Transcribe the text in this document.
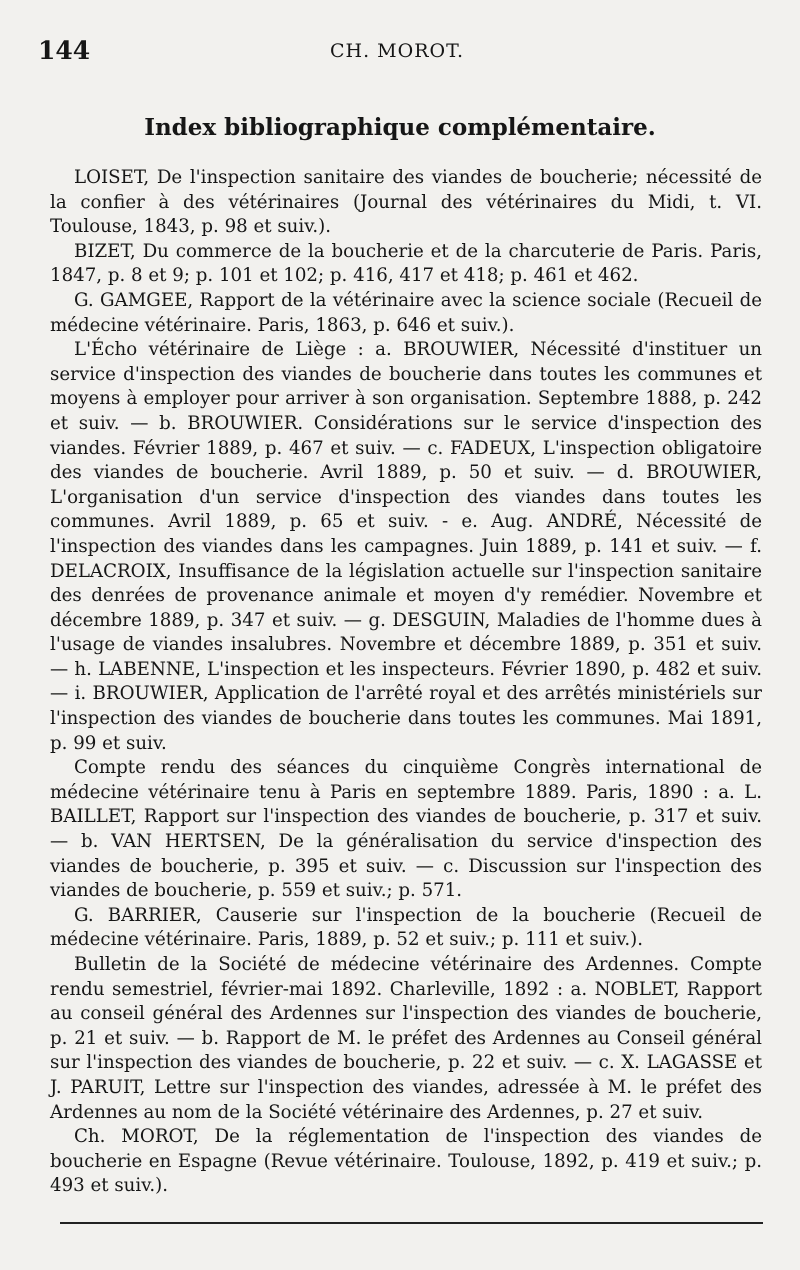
144	CH. MOROT.
Index bibliographique complémentaire.

LOISET, De l'inspection sanitaire des viandes de boucherie; nécessité de la confier à des vétérinaires (Journal des vétérinaires du Midi, t. VI. Toulouse, 1843, p. 98 et suiv.).

BIZET, Du commerce de la boucherie et de la charcuterie de Paris. Paris, 1847, p. 8 et 9; p. 101 et 102; p. 416, 417 et 418; p. 461 et 462.

G. GAMGEE, Rapport de la vétérinaire avec la science sociale (Recueil de médecine vétérinaire. Paris, 1863, p. 646 et suiv.).

L'Écho vétérinaire de Liège : a. BROUWIER, Nécessité d'instituer un service d'inspection des viandes de boucherie dans toutes les communes et moyens à employer pour arriver à son organisation. Septembre 1888, p. 242 et suiv. — b. BROUWIER. Considérations sur le service d'inspection des viandes. Février 1889, p. 467 et suiv. — c. FADEUX, L'inspection obligatoire des viandes de boucherie. Avril 1889, p. 50 et suiv. — d. BROUWIER, L'organisation d'un service d'inspection des viandes dans toutes les communes. Avril 1889, p. 65 et suiv. - e. Aug. ANDRÉ, Nécessité de l'inspection des viandes dans les campagnes. Juin 1889, p. 141 et suiv. — f. DELACROIX, Insuffisance de la législation actuelle sur l'inspection sanitaire des denrées de provenance animale et moyen d'y remédier. Novembre et décembre 1889, p. 347 et suiv. — g. DESGUIN, Maladies de l'homme dues à l'usage de viandes insalubres. Novembre et décembre 1889, p. 351 et suiv. — h. LABENNE, L'inspection et les inspecteurs. Février 1890, p. 482 et suiv. — i. BROUWIER, Application de l'arrêté royal et des arrêtés ministériels sur l'inspection des viandes de boucherie dans toutes les communes. Mai 1891, p. 99 et suiv.

Compte rendu des séances du cinquième Congrès international de médecine vétérinaire tenu à Paris en septembre 1889. Paris, 1890 : a. L. BAILLET, Rapport sur l'inspection des viandes de boucherie, p. 317 et suiv. — b. VAN HERTSEN, De la généralisation du service d'inspection des viandes de boucherie, p. 395 et suiv. — c. Discussion sur l'inspection des viandes de boucherie, p. 559 et suiv.; p. 571.

G. BARRIER, Causerie sur l'inspection de la boucherie (Recueil de médecine vétérinaire. Paris, 1889, p. 52 et suiv.; p. 111 et suiv.).

Bulletin de la Société de médecine vétérinaire des Ardennes. Compte rendu semestriel, février-mai 1892. Charleville, 1892 : a. NOBLET, Rapport au conseil général des Ardennes sur l'inspection des viandes de boucherie, p. 21 et suiv. — b. Rapport de M. le préfet des Ardennes au Conseil général sur l'inspection des viandes de boucherie, p. 22 et suiv. — c. X. LAGASSE et J. PARUIT, Lettre sur l'inspection des viandes, adressée à M. le préfet des Ardennes au nom de la Société vétérinaire des Ardennes, p. 27 et suiv.

Ch. MOROT, De la réglementation de l'inspection des viandes de boucherie en Espagne (Revue vétérinaire. Toulouse, 1892, p. 419 et suiv.; p. 493 et suiv.).
